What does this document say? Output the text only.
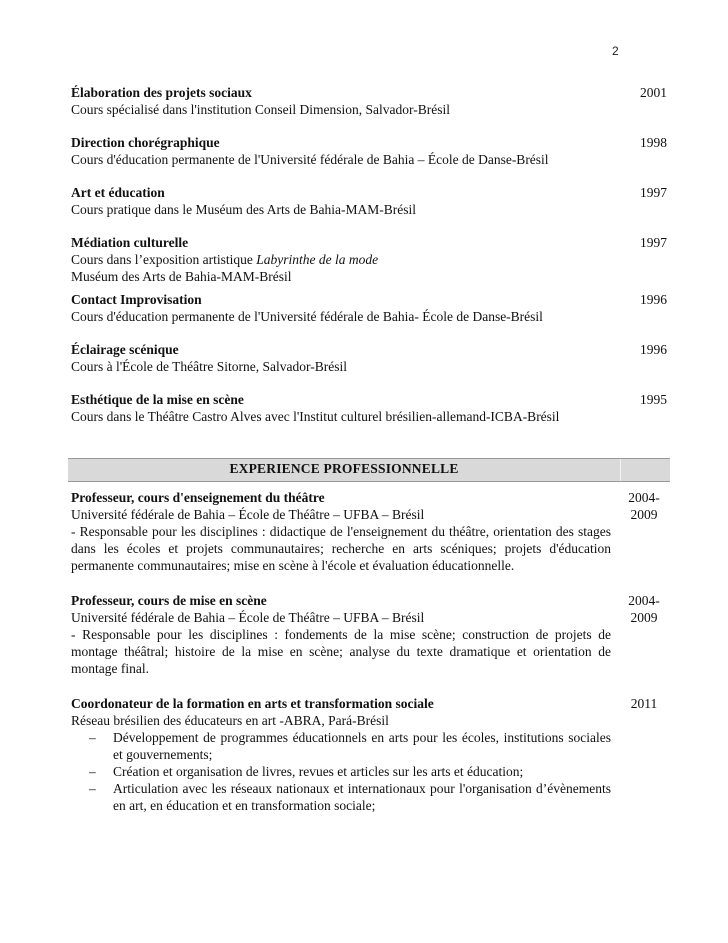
2
Élaboration des projets sociaux
Cours spécialisé dans l'institution Conseil Dimension, Salvador-Brésil
2001
Direction chorégraphique
Cours d'éducation permanente de l'Université fédérale de Bahia – École de Danse-Brésil
1998
Art et éducation
Cours pratique dans le Muséum des Arts de Bahia-MAM-Brésil
1997
Médiation culturelle
Cours dans l’exposition artistique Labyrinthe de la mode
Muséum des Arts de Bahia-MAM-Brésil
1997
Contact Improvisation
Cours d'éducation permanente de l'Université fédérale de Bahia- École de Danse-Brésil
1996
Éclairage scénique
Cours à l'École de Théâtre Sitorne, Salvador-Brésil
1996
Esthétique de la mise en scène
Cours dans le Théâtre Castro Alves avec l'Institut culturel brésilien-allemand-ICBA-Brésil
1995
EXPERIENCE PROFESSIONNELLE
Professeur, cours d'enseignement du théâtre
Université fédérale de Bahia – École de Théâtre – UFBA – Brésil
- Responsable pour les disciplines : didactique de l'enseignement du théâtre, orientation des stages dans les écoles et projets communautaires; recherche en arts scéniques; projets d'éducation permanente communautaires; mise en scène à l'école et évaluation éducationnelle.
2004-
2009
Professeur, cours de mise en scène
Université fédérale de Bahia – École de Théâtre – UFBA – Brésil
- Responsable pour les disciplines : fondements de la mise scène; construction de projets de montage théâtral; histoire de la mise en scène; analyse du texte dramatique et orientation de montage final.
2004-
2009
Coordonateur de la formation en arts et transformation sociale
Réseau brésilien des éducateurs en art -ABRA, Pará-Brésil
– Développement de programmes éducationnels en arts pour les écoles, institutions sociales et gouvernements;
– Création et organisation de livres, revues et articles sur les arts et éducation;
– Articulation avec les réseaux nationaux et internationaux pour l'organisation d’évènements en art, en éducation et en transformation sociale;
2011
